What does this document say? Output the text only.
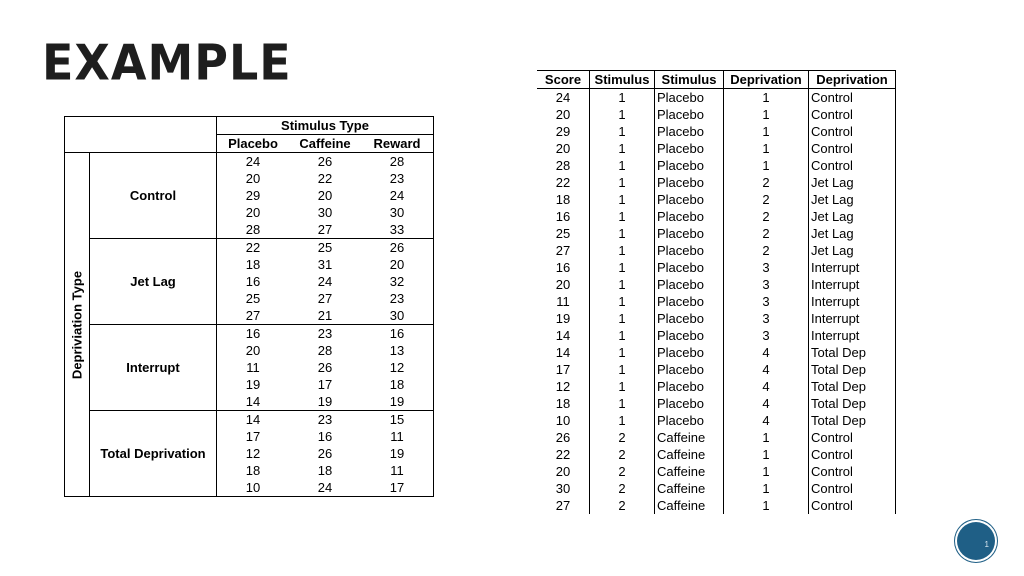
EXAMPLE
		Stimulus Type		
		Placebo	Caffeine	Reward

Depriviation Type	Control	24	26	28
		20	22	23
		29	20	24
		20	30	30
		28	27	33
	Jet Lag	22	25	26
		18	31	20
		16	24	32
		25	27	23
		27	21	30
	Interrupt	16	23	16
		20	28	13
		11	26	12
		19	17	18
		14	19	19
	Total Deprivation	14	23	15
		17	16	11
		12	26	19
		18	18	11
		10	24	17
Score	Stimulus	Stimulus	Deprivation	Deprivation
24	1	Placebo	1	Control
20	1	Placebo	1	Control
29	1	Placebo	1	Control
20	1	Placebo	1	Control
28	1	Placebo	1	Control
22	1	Placebo	2	Jet Lag
18	1	Placebo	2	Jet Lag
16	1	Placebo	2	Jet Lag
25	1	Placebo	2	Jet Lag
27	1	Placebo	2	Jet Lag
16	1	Placebo	3	Interrupt
20	1	Placebo	3	Interrupt
11	1	Placebo	3	Interrupt
19	1	Placebo	3	Interrupt
14	1	Placebo	3	Interrupt
14	1	Placebo	4	Total Dep
17	1	Placebo	4	Total Dep
12	1	Placebo	4	Total Dep
18	1	Placebo	4	Total Dep
10	1	Placebo	4	Total Dep
26	2	Caffeine	1	Control
22	2	Caffeine	1	Control
20	2	Caffeine	1	Control
30	2	Caffeine	1	Control
27	2	Caffeine	1	Control
1
